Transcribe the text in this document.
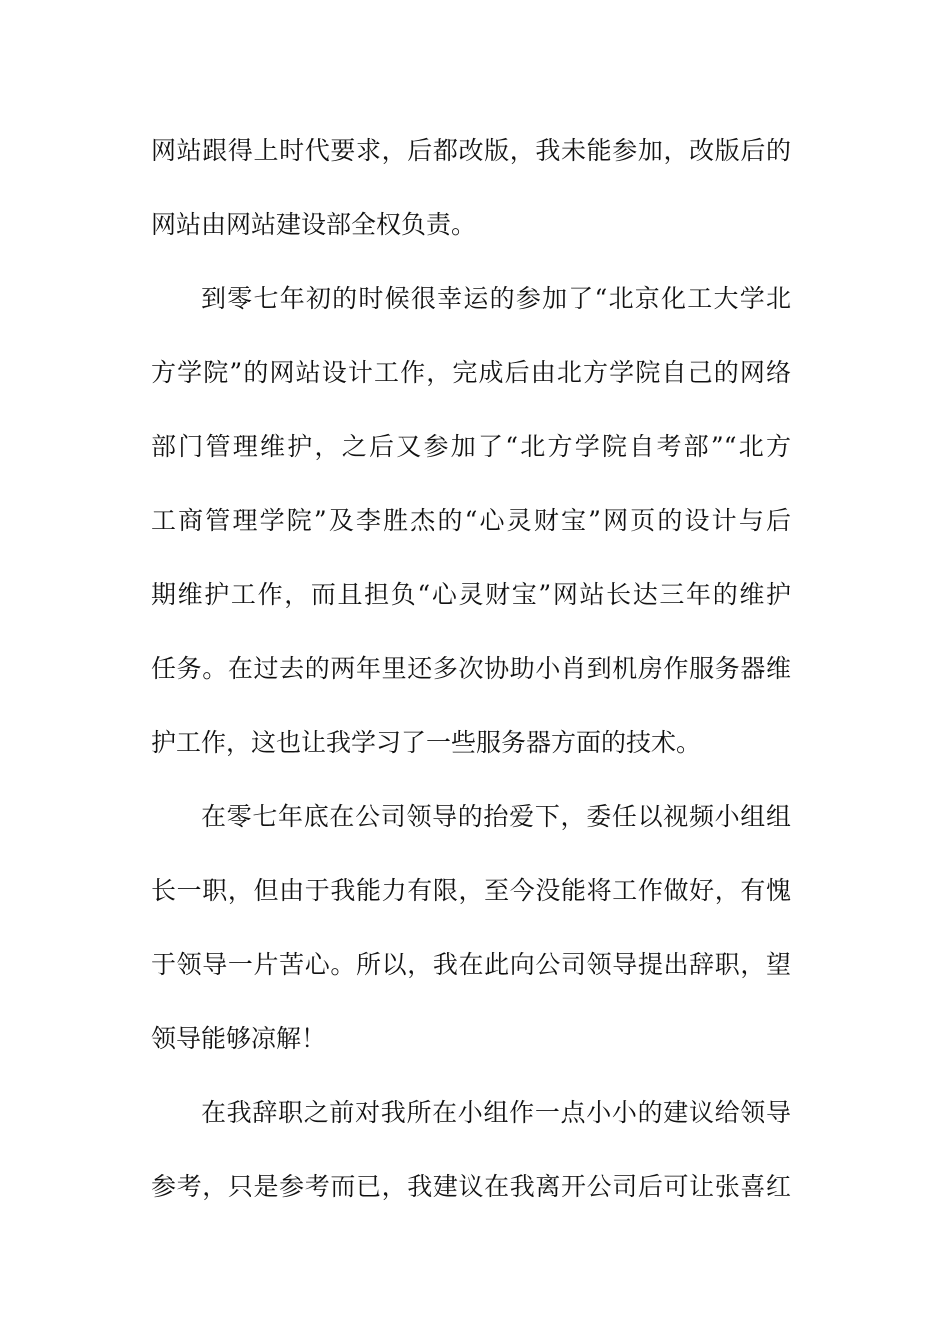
网站跟得上时代要求，后都改版，我未能参加，改版后的
网站由网站建设部全权负责。
到零七年初的时候很幸运的参加了“北京化工大学北
方学院”的网站设计工作，完成后由北方学院自己的网络
部门管理维护，之后又参加了“北方学院自考部”“北方
工商管理学院”及李胜杰的“心灵财宝”网页的设计与后
期维护工作，而且担负“心灵财宝”网站长达三年的维护
任务。在过去的两年里还多次协助小肖到机房作服务器维
护工作，这也让我学习了一些服务器方面的技术。
在零七年底在公司领导的抬爱下，委任以视频小组组
长一职，但由于我能力有限，至今没能将工作做好，有愧
于领导一片苦心。所以，我在此向公司领导提出辞职，望
领导能够凉解！
在我辞职之前对我所在小组作一点小小的建议给领导
参考，只是参考而已，我建议在我离开公司后可让张喜红
